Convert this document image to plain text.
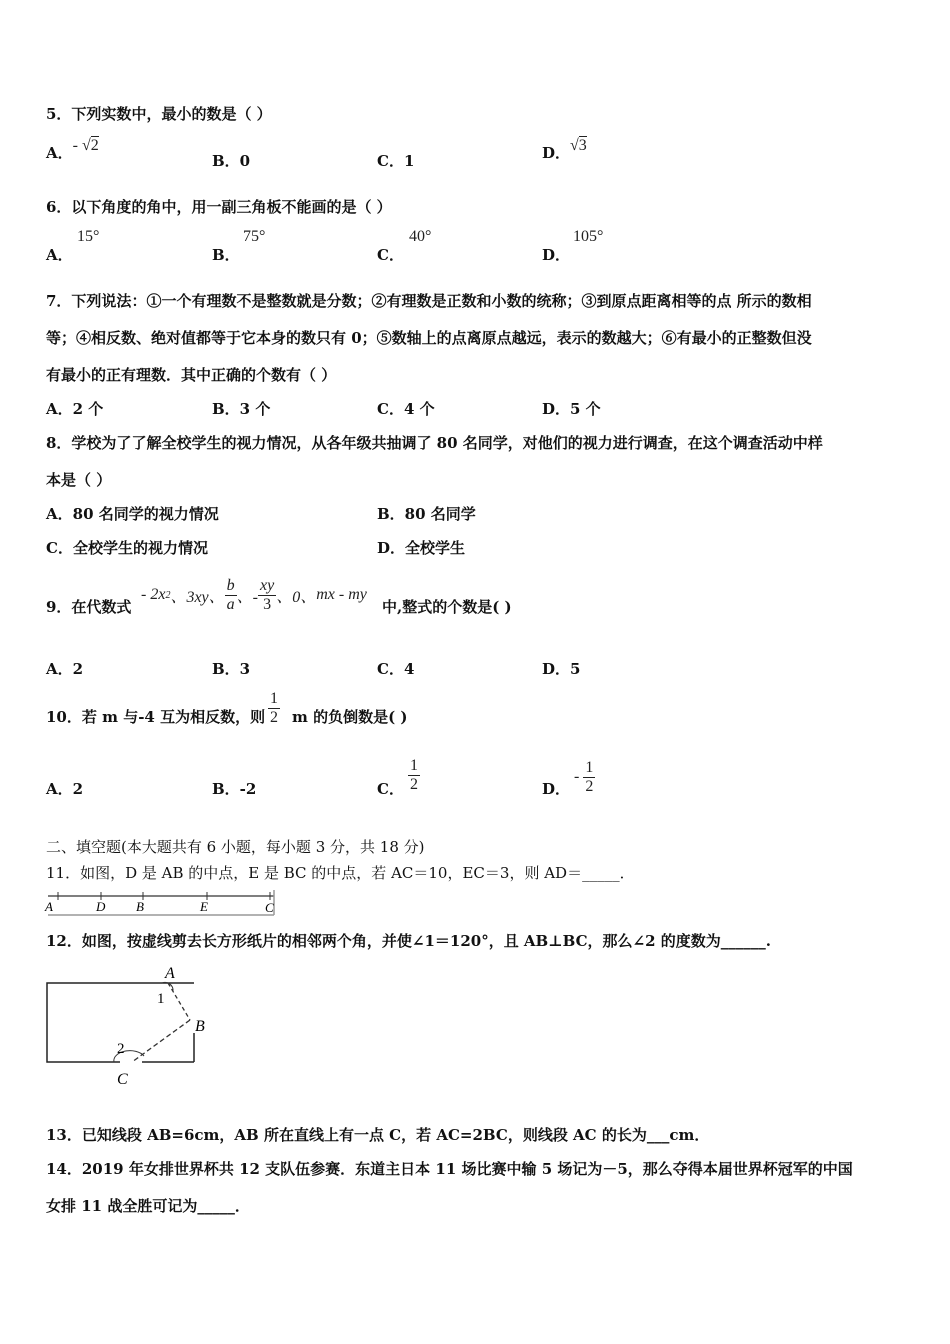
5．下列实数中，最小的数是（ ）
A．- √2
B．0	C．1	D．√3
6．以下角度的角中，用一副三角板不能画的是（ ）
A．
15°
B．
75°
C．
40°
D．
105°
7．下列说法：①一个有理数不是整数就是分数；②有理数是正数和小数的统称；③到原点距离相等的点 所示的数相
等；④相反数、绝对值都等于它本身的数只有 0；⑤数轴上的点离原点越远，表示的数越大；⑥有最小的正整数但没
有最小的正有理数．其中正确的个数有（ ）
A．2 个	B．3 个	C．4 个	D．5 个
8．学校为了了解全校学生的视力情况，从各年级共抽调了 80 名同学，对他们的视力进行调查，在这个调查活动中样
本是（ ）
A．80 名同学的视力情况	B．80 名同学
C．全校学生的视力情况	D．全校学生
9．在代数式
- 2x 2 、3xy、 $\frac{b}{a}$ 、- $\frac{xy}{3}$ 、0、 mx - my
中,整式的个数是( )
A．2	B．3	C．4	D．5
10．若 m 与-4 互为相反数，则 $\frac{1}{2}$ m 的负倒数是( )
A．2	B．-2	C． $\frac{1}{2}$	D．
- $\frac{1}{2}$
二、填空题(本大题共有 6 小题，每小题 3 分，共 18 分)
11．如图，D 是 AB 的中点，E 是 BC 的中点，若 AC＝10，EC＝3，则 AD＝_____．
A	D B	E	C
12．如图，按虚线剪去长方形纸片的相邻两个角，并使∠1＝120°，且 AB⊥BC，那么∠2 的度数为______.
A
1
B
2
C
13．已知线段 AB=6cm，AB 所在直线上有一点 C，若 AC=2BC，则线段 AC 的长为___cm．
14．2019 年女排世界杯共 12 支队伍参赛．东道主日本 11 场比赛中输 5 场记为－5，那么夺得本届世界杯冠军的中国
女排 11 战全胜可记为_____．
